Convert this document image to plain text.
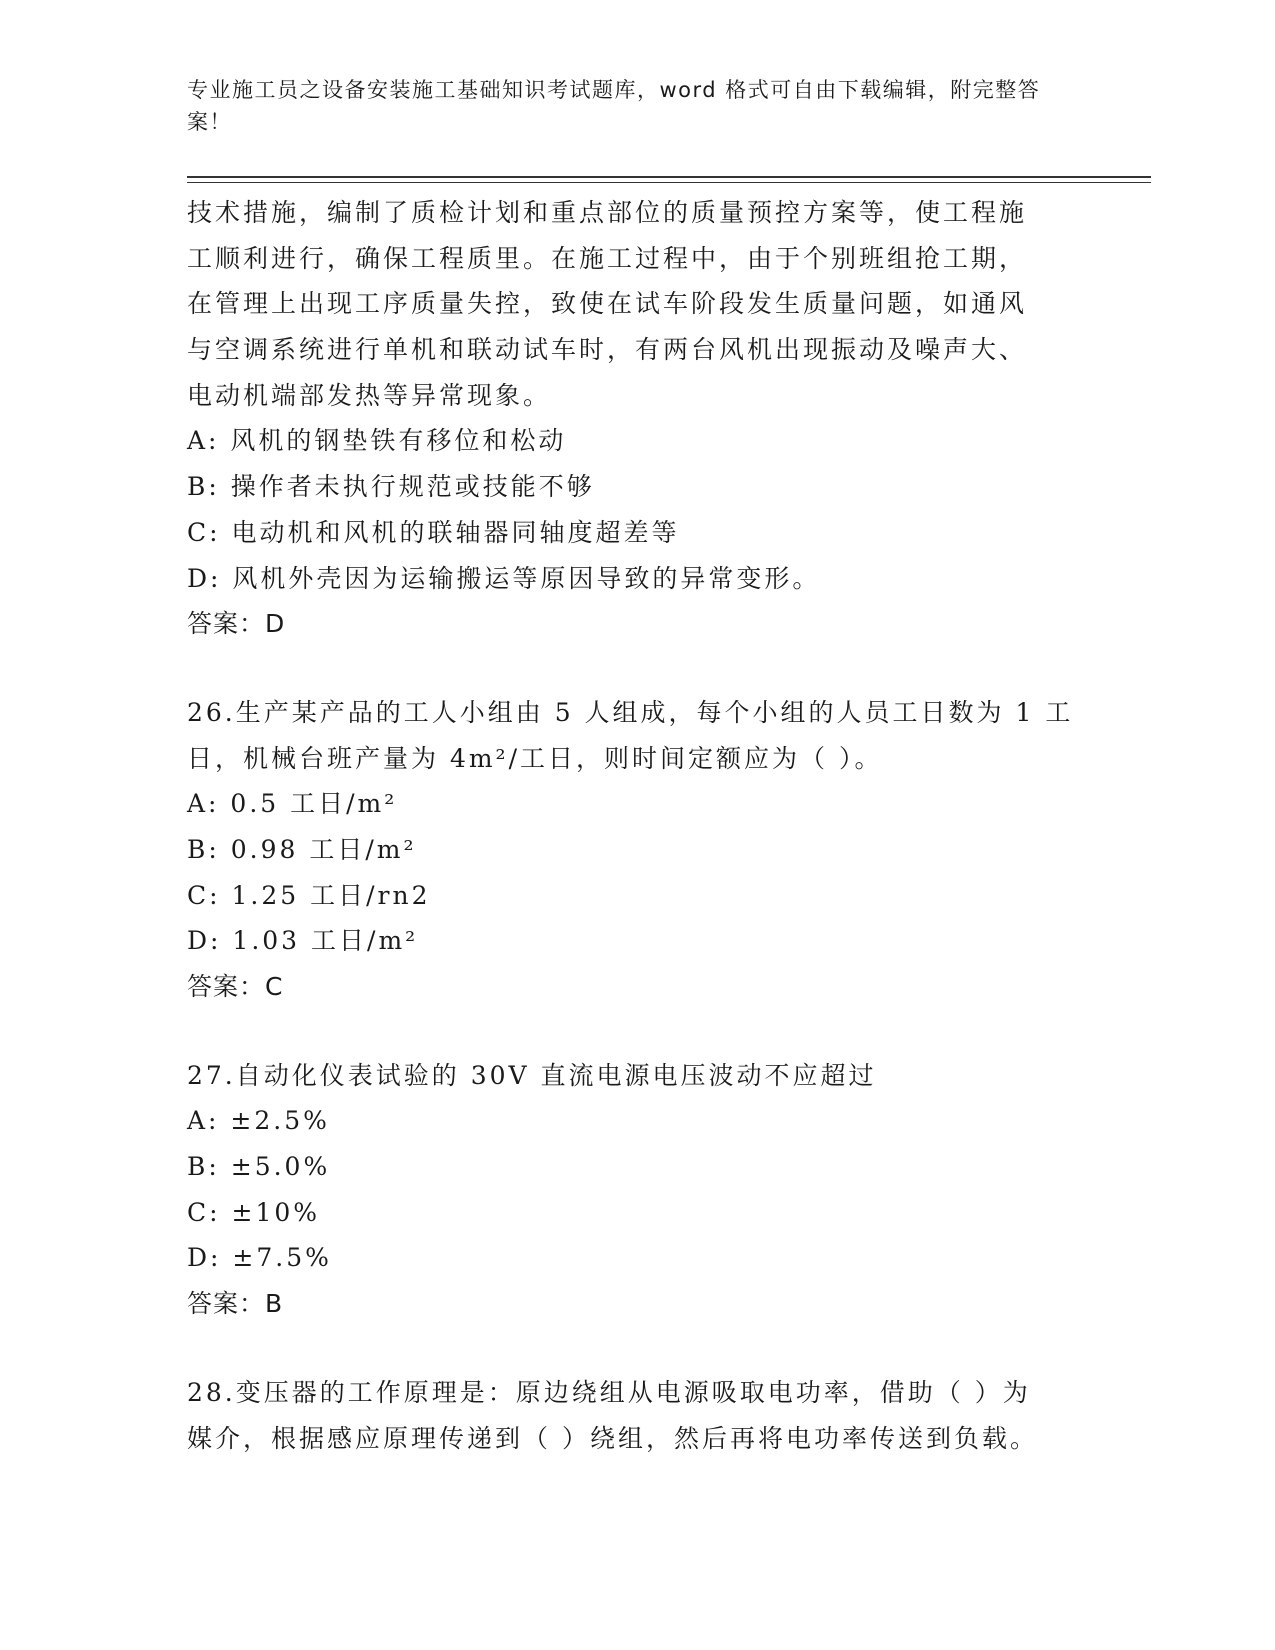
专业施工员之设备安装施工基础知识考试题库，word 格式可自由下载编辑，附完整答案！
技术措施，编制了质检计划和重点部位的质量预控方案等，使工程施
工顺利进行，确保工程质里。在施工过程中，由于个别班组抢工期，
在管理上出现工序质量失控，致使在试车阶段发生质量问题，如通风
与空调系统进行单机和联动试车时，有两台风机出现振动及噪声大、
电动机端部发热等异常现象。
A: 风机的钢垫铁有移位和松动
B: 操作者未执行规范或技能不够
C: 电动机和风机的联轴器同轴度超差等
D: 风机外壳因为运输搬运等原因导致的异常变形。
答案：D
26.生产某产品的工人小组由 5 人组成，每个小组的人员工日数为 1 工
日，机械台班产量为 4m²/工日，则时间定额应为（ ）。
A: 0.5 工日/m²
B: 0.98 工日/m²
C: 1.25 工日/rn2
D: 1.03 工日/m²
答案：C
27.自动化仪表试验的 30V 直流电源电压波动不应超过
A: ±2.5%
B: ±5.0%
C: ±10%
D: ±7.5%
答案：B
28.变压器的工作原理是：原边绕组从电源吸取电功率，借助（ ）为
媒介，根据感应原理传递到（ ）绕组，然后再将电功率传送到负载。
